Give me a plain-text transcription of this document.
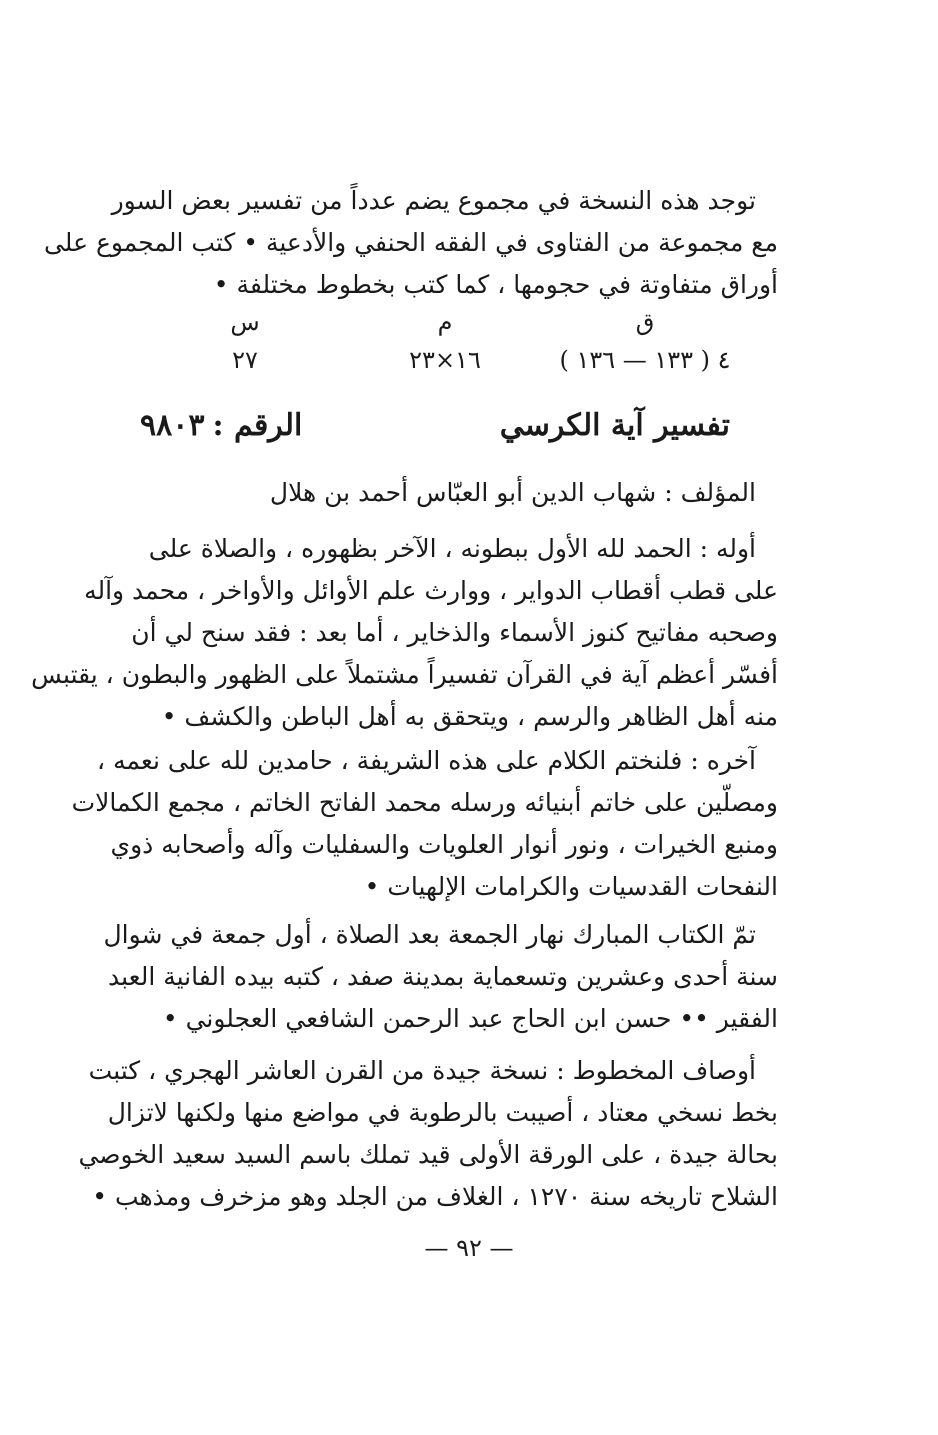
توجد هذه النسخة في مجموع يضم عدداً من تفسير بعض السور
مع مجموعة من الفتاوى في الفقه الحنفي والأدعية • كتب المجموع على
أوراق متفاوتة في حجومها ، كما كتب بخطوط مختلفة •
ق
م
س
٤ ( ١٣٣ — ١٣٦ )
١٦×٢٣
٢٧
تفسير آية الكرسي
الرقم :
٩٨٠٣
المؤلف : شهاب الدين أبو العبّاس أحمد بن هلال
أوله : الحمد لله الأول ببطونه ، الآخر بظهوره ، والصلاة على
على قطب أقطاب الدواير ، ووارث علم الأوائل والأواخر ، محمد وآله
وصحبه مفاتيح كنوز الأسماء والذخاير ، أما بعد : فقد سنح لي أن
أفسّر أعظم آية في القرآن تفسيراً مشتملاً على الظهور والبطون ، يقتبس
منه أهل الظاهر والرسم ، ويتحقق به أهل الباطن والكشف •
آخره : فلنختم الكلام على هذه الشريفة ، حامدين لله على نعمه ،
ومصلّين على خاتم أبنيائه ورسله محمد الفاتح الخاتم ، مجمع الكمالات
ومنبع الخيرات ، ونور أنوار العلويات والسفليات وآله وأصحابه ذوي
النفحات القدسيات والكرامات الإلهيات •
تمّ الكتاب المبارك نهار الجمعة بعد الصلاة ، أول جمعة في شوال
سنة أحدى وعشرين وتسعماية بمدينة صفد ، كتبه بيده الفانية العبد
الفقير •• حسن ابن الحاج عبد الرحمن الشافعي العجلوني •
أوصاف المخطوط : نسخة جيدة من القرن العاشر الهجري ، كتبت
بخط نسخي معتاد ، أصيبت بالرطوبة في مواضع منها ولكنها لاتزال
بحالة جيدة ، على الورقة الأولى قيد تملك باسم السيد سعيد الخوصي
الشلاح تاريخه سنة ١٢٧٠ ، الغلاف من الجلد وهو مزخرف ومذهب •
— ٩٢ —
